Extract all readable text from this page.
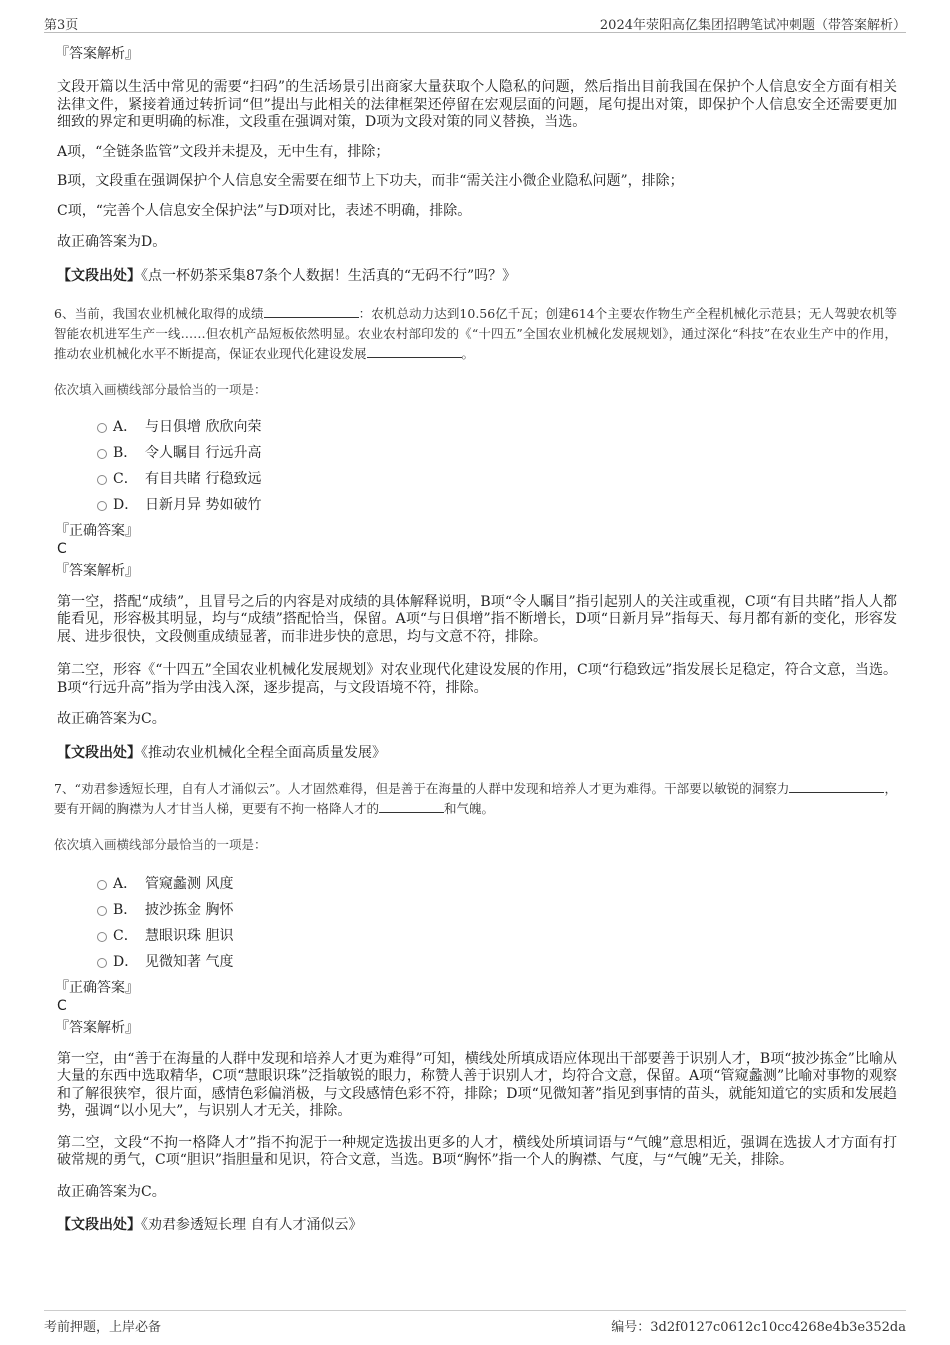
第3页	2024年荥阳高亿集团招聘笔试冲刺题（带答案解析）
『答案解析』

文段开篇以生活中常见的需要“扫码”的生活场景引出商家大量获取个人隐私的问题，然后指出目前我国在保护个人信息安全方面有相关法律文件，紧接着通过转折词“但”提出与此相关的法律框架还停留在宏观层面的问题，尾句提出对策，即保护个人信息安全还需要更加细致的界定和更明确的标准，文段重在强调对策，D项为文段对策的同义替换，当选。

A项，“全链条监管”文段并未提及，无中生有，排除；

B项，文段重在强调保护个人信息安全需要在细节上下功夫，而非“需关注小微企业隐私问题”，排除；

C项，“完善个人信息安全保护法”与D项对比，表述不明确，排除。

故正确答案为D。

【文段出处】《点一杯奶茶采集87条个人数据！生活真的“无码不行”吗？》
6、当前，我国农业机械化取得的成绩	：农机总动力达到10.56亿千瓦；创建614个主要农作物生产全程机械化示范县；无人驾驶农机等智能农机进军生产一线……但农机产品短板依然明显。农业农村部印发的《“十四五”全国农业机械化发展规划》，通过深化“科技”在农业生产中的作用，推动农业机械化水平不断提高，保证农业现代化建设发展	。
依次填入画横线部分最恰当的一项是：
A． 与日俱增 欣欣向荣
B． 令人瞩目 行远升高
C． 有目共睹 行稳致远
D． 日新月异 势如破竹
『正确答案』
C
『答案解析』

第一空，搭配“成绩”，且冒号之后的内容是对成绩的具体解释说明，B项“令人瞩目”指引起别人的关注或重视，C项“有目共睹”指人人都能看见，形容极其明显，均与“成绩”搭配恰当，保留。A项“与日俱增”指不断增长，D项“日新月异”指每天、每月都有新的变化，形容发展、进步很快，文段侧重成绩显著，而非进步快的意思，均与文意不符，排除。

第二空，形容《“十四五”全国农业机械化发展规划》对农业现代化建设发展的作用，C项“行稳致远”指发展长足稳定，符合文意，当选。B项“行远升高”指为学由浅入深，逐步提高，与文段语境不符，排除。

故正确答案为C。

【文段出处】《推动农业机械化全程全面高质量发展》
7、“劝君参透短长理，自有人才涌似云”。人才固然难得，但是善于在海量的人群中发现和培养人才更为难得。干部要以敏锐的洞察力	，要有开阔的胸襟为人才甘当人梯，更要有不拘一格降人才的	和气魄。
依次填入画横线部分最恰当的一项是：
A． 管窥蠡测 风度
B． 披沙拣金 胸怀
C． 慧眼识珠 胆识
D． 见微知著 气度
『正确答案』
C
『答案解析』

第一空，由“善于在海量的人群中发现和培养人才更为难得”可知，横线处所填成语应体现出干部要善于识别人才，B项“披沙拣金”比喻从大量的东西中选取精华，C项“慧眼识珠”泛指敏锐的眼力，称赞人善于识别人才，均符合文意，保留。A项“管窥蠡测”比喻对事物的观察和了解很狭窄，很片面，感情色彩偏消极，与文段感情色彩不符，排除；D项“见微知著”指见到事情的苗头，就能知道它的实质和发展趋势，强调“以小见大”，与识别人才无关，排除。

第二空，文段“不拘一格降人才”指不拘泥于一种规定选拔出更多的人才，横线处所填词语与“气魄”意思相近，强调在选拔人才方面有打破常规的勇气，C项“胆识”指胆量和见识，符合文意，当选。B项“胸怀”指一个人的胸襟、气度，与“气魄”无关，排除。

故正确答案为C。

【文段出处】《劝君参透短长理 自有人才涌似云》
考前押题，上岸必备	编号：3d2f0127c0612c10cc4268e4b3e352da
